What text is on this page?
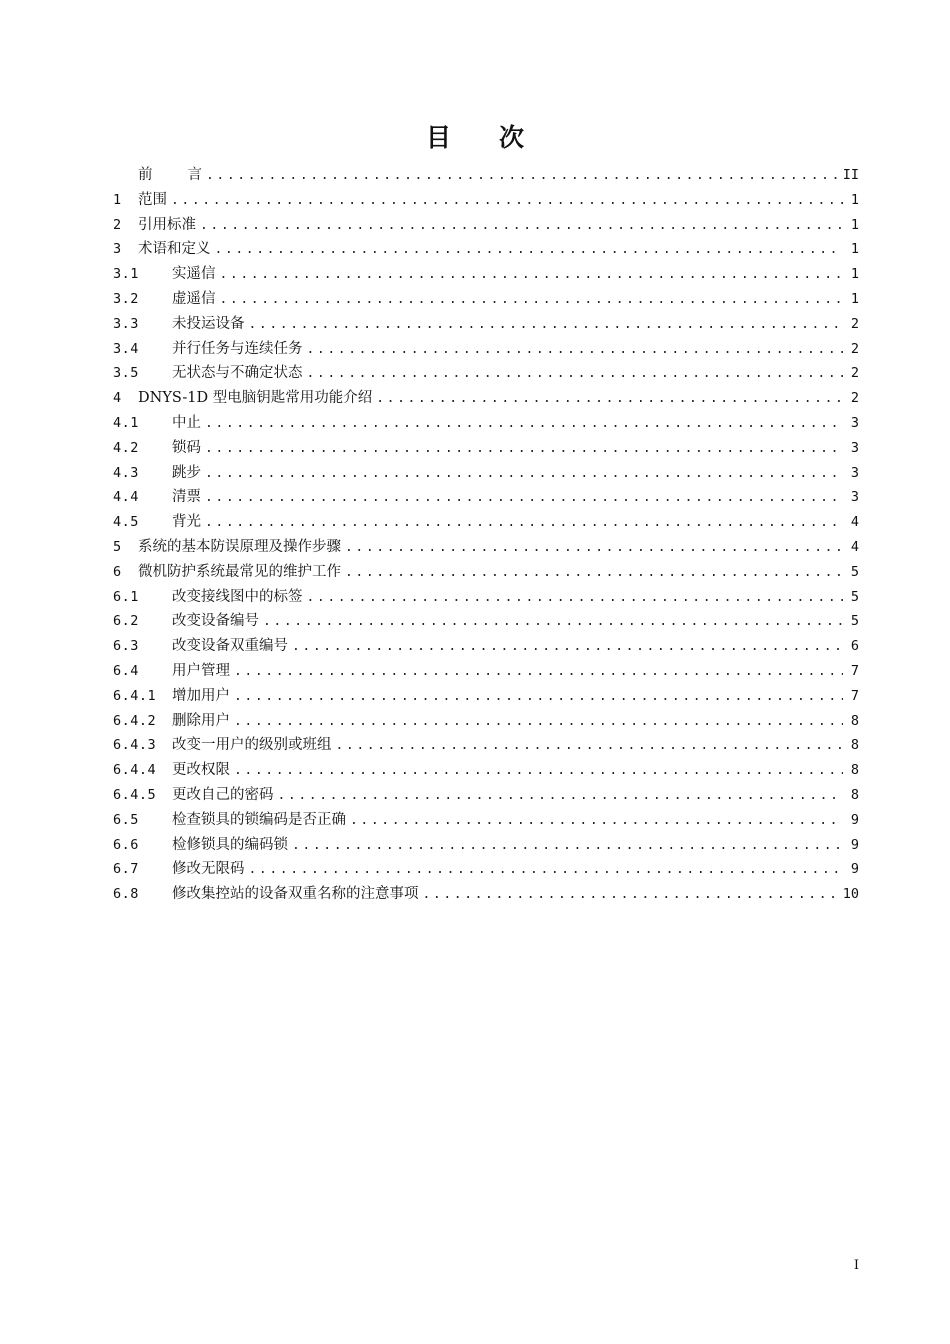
目 次
前 言 .....	II
1	范围 .....	1
2	引用标准 .....	1
3	术语和定义 .....	1
3.1	实遥信 .....	1
3.2	虚遥信 .....	1
3.3	未投运设备 .....	2
3.4	并行任务与连续任务 .....	2
3.5	无状态与不确定状态 .....	2
4	DNYS-1D 型电脑钥匙常用功能介绍 .....	2
4.1	中止 .....	3
4.2	锁码 .....	3
4.3	跳步 .....	3
4.4	清票 .....	3
4.5	背光 .....	4
5	系统的基本防误原理及操作步骤 .....	4
6	微机防护系统最常见的维护工作 .....	5
6.1	改变接线图中的标签 .....	5
6.2	改变设备编号 .....	5
6.3	改变设备双重编号 .....	6
6.4	用户管理 .....	7
6.4.1	增加用户 .....	7
6.4.2	删除用户 .....	8
6.4.3	改变一用户的级别或班组 .....	8
6.4.4	更改权限 .....	8
6.4.5	更改自己的密码 .....	8
6.5	检查锁具的锁编码是否正确 .....	9
6.6	检修锁具的编码锁 .....	9
6.7	修改无限码 .....	9
6.8	修改集控站的设备双重名称的注意事项 .....	10
I
